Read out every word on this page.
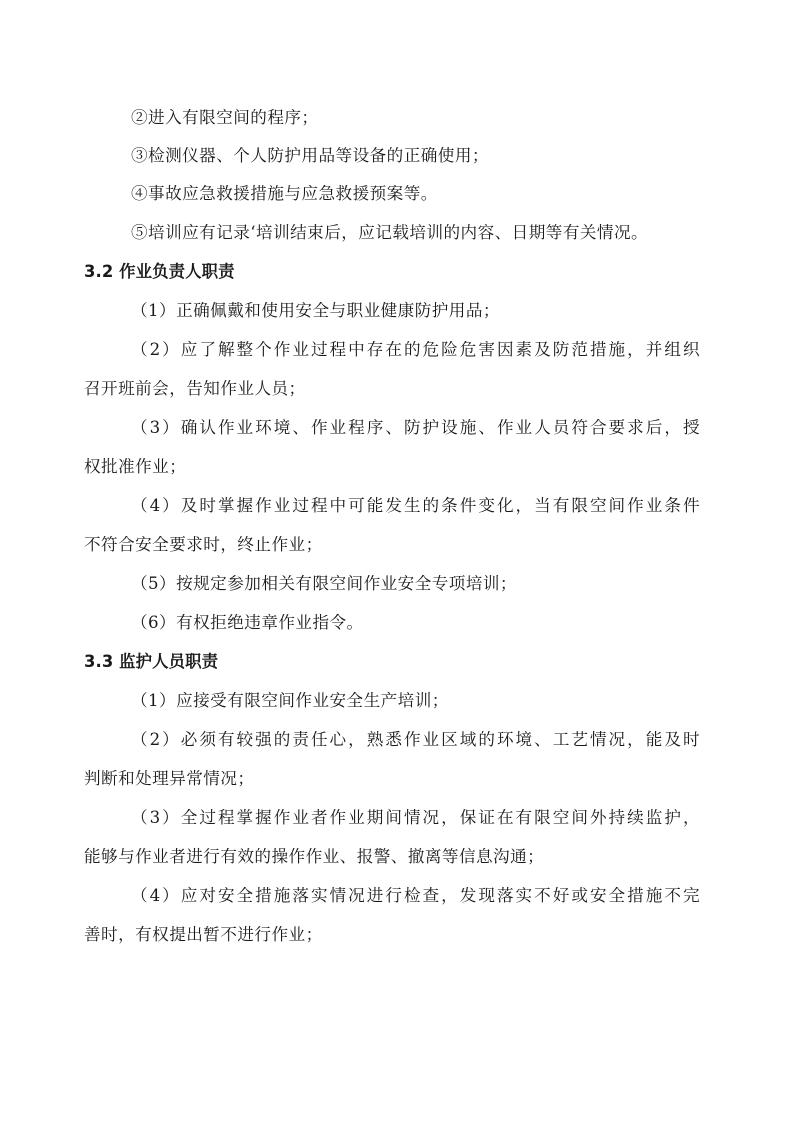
②进入有限空间的程序；
③检测仪器、个人防护用品等设备的正确使用；
④事故应急救援措施与应急救援预案等。
⑤培训应有记录‘培训结束后，应记载培训的内容、日期等有关情况。
3.2 作业负责人职责
（1）正确佩戴和使用安全与职业健康防护用品；
（2）应了解整个作业过程中存在的危险危害因素及防范措施，并组织
召开班前会，告知作业人员；
（3）确认作业环境、作业程序、防护设施、作业人员符合要求后，授
权批准作业；
（4）及时掌握作业过程中可能发生的条件变化，当有限空间作业条件
不符合安全要求时，终止作业；
（5）按规定参加相关有限空间作业安全专项培训；
（6）有权拒绝违章作业指令。
3.3 监护人员职责
（1）应接受有限空间作业安全生产培训；
（2）必须有较强的责任心，熟悉作业区域的环境、工艺情况，能及时
判断和处理异常情况；
（3）全过程掌握作业者作业期间情况，保证在有限空间外持续监护，
能够与作业者进行有效的操作作业、报警、撤离等信息沟通；
（4）应对安全措施落实情况进行检查，发现落实不好或安全措施不完
善时，有权提出暂不进行作业；
